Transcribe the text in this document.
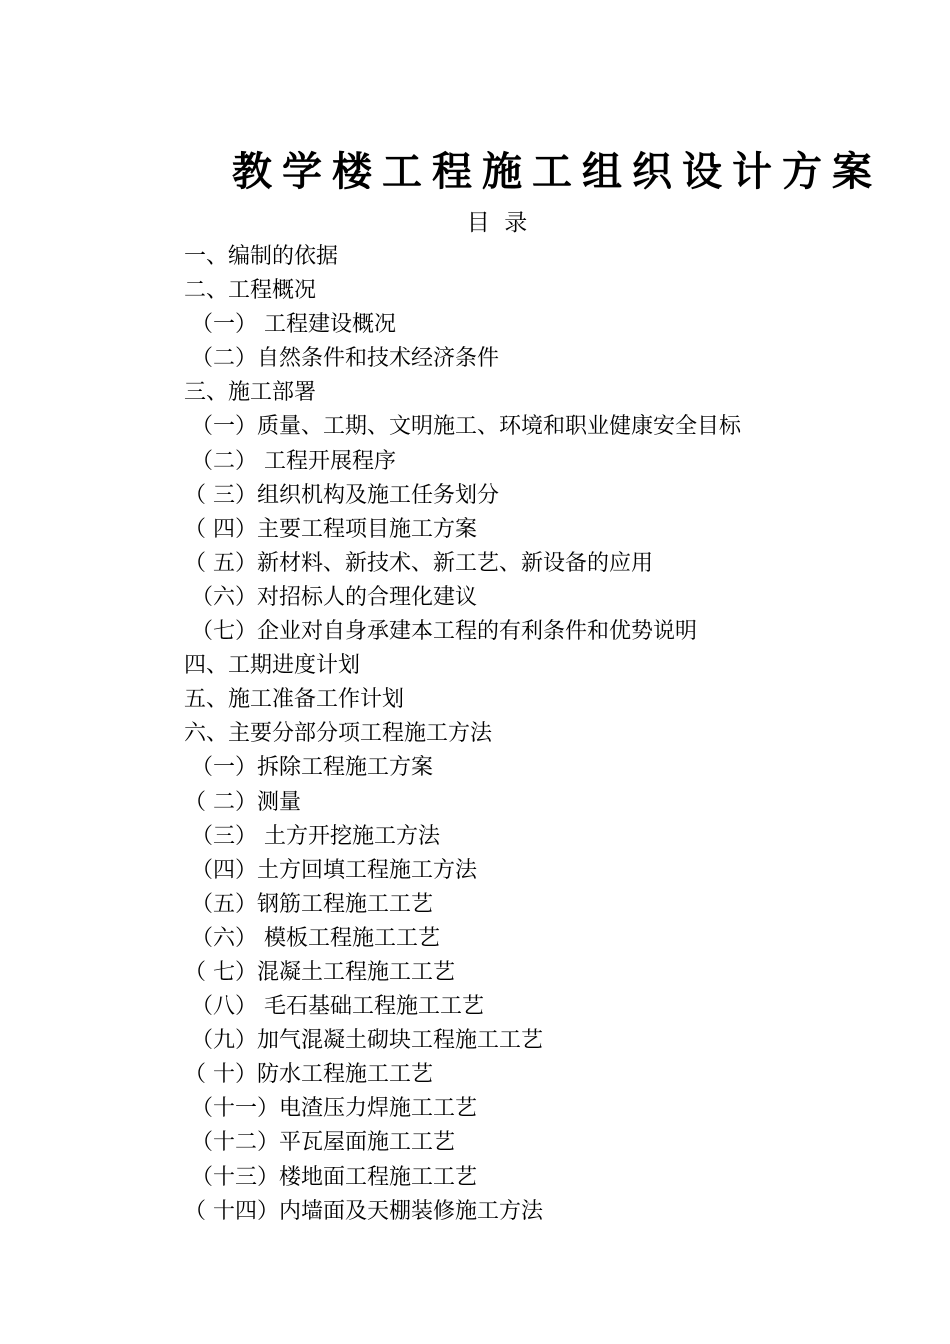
教学楼工程施工组织设计方案
目  录
一、编制的依据
二、工程概况
（一） 工程建设概况
（二）自然条件和技术经济条件
三、施工部署
（一）质量、工期、文明施工、环境和职业健康安全目标
（二） 工程开展程序
（ 三）组织机构及施工任务划分
（ 四）主要工程项目施工方案
（ 五）新材料、新技术、新工艺、新设备的应用
（六）对招标人的合理化建议
（七）企业对自身承建本工程的有利条件和优势说明
四、工期进度计划
五、施工准备工作计划
六、主要分部分项工程施工方法
（一）拆除工程施工方案
（ 二）测量
（三） 土方开挖施工方法
（四）土方回填工程施工方法
（五）钢筋工程施工工艺
（六） 模板工程施工工艺
（ 七）混凝土工程施工工艺
（八） 毛石基础工程施工工艺
（九）加气混凝土砌块工程施工工艺
（ 十）防水工程施工工艺
（十一）电渣压力焊施工工艺
（十二）平瓦屋面施工工艺
（十三）楼地面工程施工工艺
（ 十四）内墙面及天棚装修施工方法
